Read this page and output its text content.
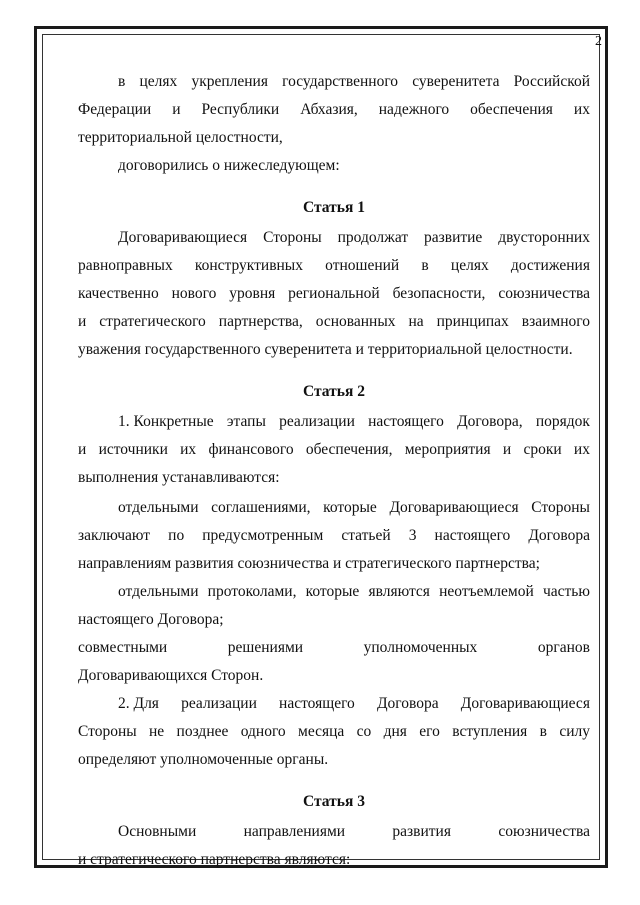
2
в целях укрепления государственного суверенитета Российской
Федерации и Республики Абхазия, надежного обеспечения их
территориальной целостности,
договорились о нижеследующем:
Статья 1
Договаривающиеся Стороны продолжат развитие двусторонних
равноправных конструктивных отношений в целях достижения
качественно нового уровня региональной безопасности, союзничества
и стратегического партнерства, основанных на принципах взаимного
уважения государственного суверенитета и территориальной целостности.
Статья 2
1. Конкретные этапы реализации настоящего Договора, порядок
и источники их финансового обеспечения, мероприятия и сроки их
выполнения устанавливаются:
отдельными соглашениями, которые Договаривающиеся Стороны
заключают по предусмотренным статьей 3 настоящего Договора
направлениям развития союзничества и стратегического партнерства;
отдельными протоколами, которые являются неотъемлемой частью
настоящего Договора;
совместными	решениями	уполномоченных	органов
Договаривающихся Сторон.
2. Для реализации настоящего Договора Договаривающиеся
Стороны не позднее одного месяца со дня его вступления в силу
определяют уполномоченные органы.
Статья 3
Основными	направлениями	развития	союзничества
и стратегического партнерства являются:
